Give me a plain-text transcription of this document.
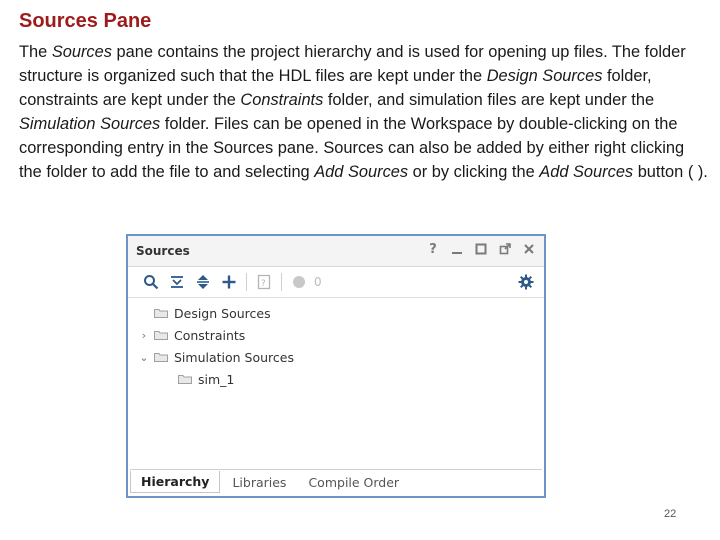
Sources Pane
The Sources pane contains the project hierarchy and is used for opening up files. The folder structure is organized such that the HDL files are kept under the Design Sources folder, constraints are kept under the Constraints folder, and simulation files are kept under the Simulation Sources folder. Files can be opened in the Workspace by double-clicking on the corresponding entry in the Sources pane. Sources can also be added by either right clicking the folder to add the file to and selecting Add Sources or by clicking the Add Sources button ( ).
Sources	?
?	0
Design Sources
›	Constraints
⌄ Simulation Sources
sim_1
Hierarchy	Libraries	Compile Order
22
